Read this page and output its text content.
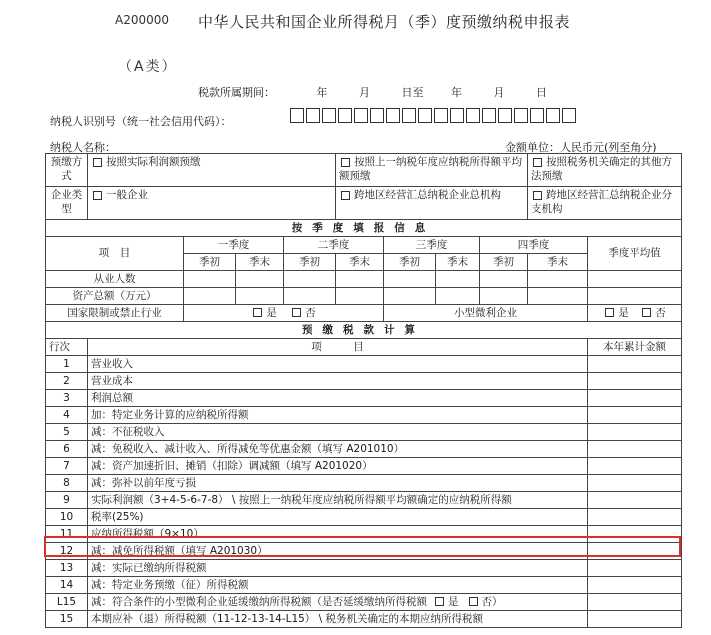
A200000 中华人民共和国企业所得税月（季）度预缴纳税申报表
（A类）
税款所属期间：	年	月	日至	年	月	日
纳税人识别号（统一社会信用代码）：
纳税人名称：	金额单位：人民币元(列至角分)
预缴方式	按照实际利润额预缴				按照上一纳税年度应纳税所得额平均额预缴				按照税务机关确定的其他方法预缴	
企业类型	一般企业				跨地区经营汇总纳税企业总机构				跨地区经营汇总纳税企业分支机构	
按季度填报信息										
项　目		一季度		二季度		三季度		四季度		季度平均值
		季初	季末	季初	季末	季初	季末	季初	季末	
从业人数										
资产总额（万元）										
国家限制或禁止行业		是 否				小型微利企业				是 否
预缴税款计算										
行次	项　　　目									本年累计金额
1	营业收入									
2	营业成本									
3	利润总额									
4	加：特定业务计算的应纳税所得额									
5	减：不征税收入									
6	减：免税收入、减计收入、所得减免等优惠金额（填写 A201010）									
7	减：资产加速折旧、摊销（扣除）调减额（填写 A201020）									
8	减：弥补以前年度亏损									
9	实际利润额（3+4-5-6-7-8） \ 按照上一纳税年度应纳税所得额平均额确定的应纳税所得额									
10	税率(25%)									
11	应纳所得税额（9×10）									
12	减：减免所得税额（填写 A201030）									
13	减：实际已缴纳所得税额									
14	减：特定业务预缴（征）所得税额									
L15	减：符合条件的小型微利企业延缓缴纳所得税额（是否延缓缴纳所得税额 是 否）									
15	本期应补（退）所得税额（11-12-13-14-L15） \ 税务机关确定的本期应纳所得税额									
